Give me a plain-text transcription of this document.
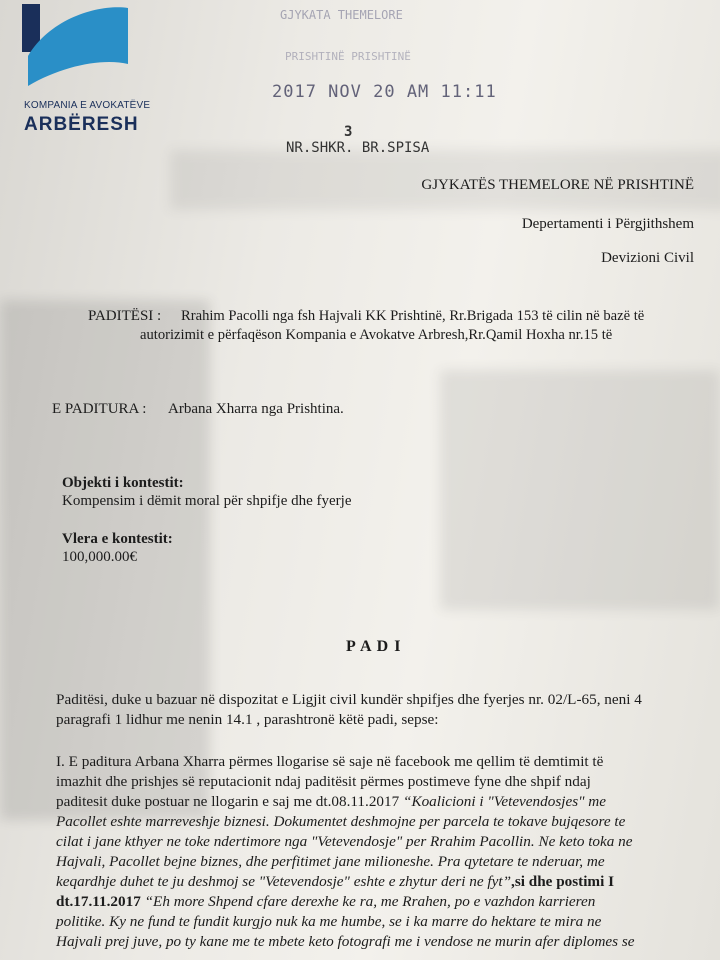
KOMPANIA E AVOKATËVE
ARBËRESH
GJYKATA THEMELORE
PRISHTINË PRISHTINË
2017 NOV 20 AM 11:11
3
NR.SHKR. BR.SPISA
GJYKATËS THEMELORE NË PRISHTINË
Depertamenti i Përgjithshem
Devizioni Civil
PADITËSI : Rrahim Pacolli nga fsh Hajvali KK Prishtinë, Rr.Brigada 153 të cilin në bazë të
autorizimit e përfaqëson Kompania e Avokatve Arbresh,Rr.Qamil Hoxha nr.15 të
E PADITURA : Arbana Xharra nga Prishtina.
Objekti i kontestit:
Kompensim i dëmit moral për shpifje dhe fyerje
Vlera e kontestit:
100,000.00€
P A D I
Paditësi, duke u bazuar në dispozitat e Ligjit civil kundër shpifjes dhe fyerjes nr. 02/L-65, neni 4
paragrafi 1 lidhur me nenin 14.1 , parashtronë këtë padi, sepse:
I. E paditura Arbana Xharra përmes llogarise së saje në facebook me qellim të demtimit të
imazhit dhe prishjes së reputacionit ndaj paditësit përmes postimeve fyne dhe shpif ndaj
paditesit duke postuar ne llogarin e saj me dt.08.11.2017 “Koalicioni i "Vetevendosjes" me
Pacollet eshte marreveshje biznesi. Dokumentet deshmojne per parcela te tokave bujqesore te
cilat i jane kthyer ne toke ndertimore nga "Vetevendosje" per Rrahim Pacollin. Ne keto toka ne
Hajvali, Pacollet bejne biznes, dhe perfitimet jane milioneshe. Pra qytetare te nderuar, me
keqardhje duhet te ju deshmoj se "Vetevendosje" eshte e zhytur deri ne fyt”,si dhe postimi I
dt.17.11.2017 “Eh more Shpend cfare derexhe ke ra, me Rrahen, po e vazhdon karrieren
politike. Ky ne fund te fundit kurgjo nuk ka me humbe, se i ka marre do hektare te mira ne
Hajvali prej juve, po ty kane me te mbete keto fotografi me i vendose ne murin afer diplomes se
